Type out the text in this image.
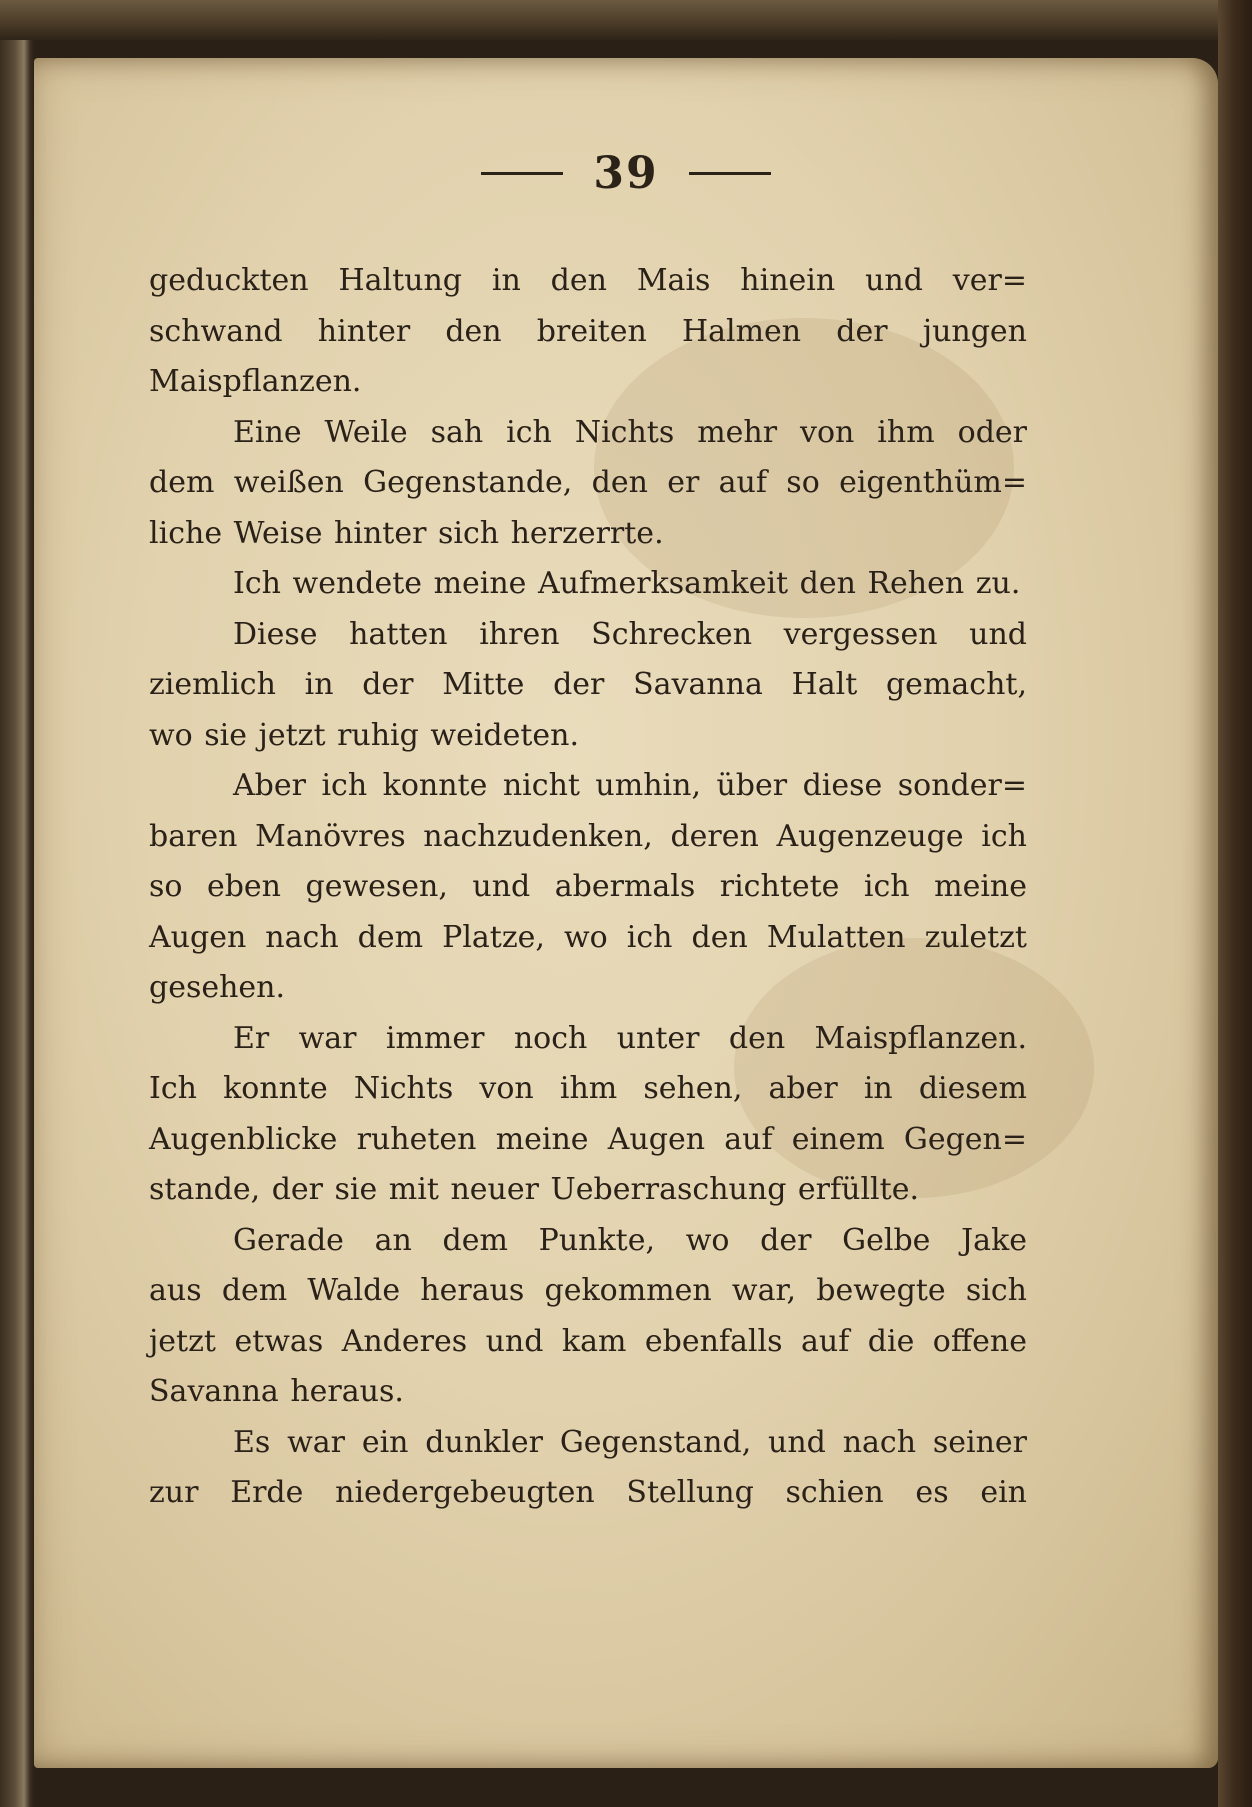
39
geduckten Haltung in den Mais hinein und ver=
schwand hinter den breiten Halmen der jungen
Maispflanzen.
Eine Weile sah ich Nichts mehr von ihm oder
dem weißen Gegenstande, den er auf so eigenthüm=
liche Weise hinter sich herzerrte.
Ich wendete meine Aufmerksamkeit den Rehen zu.
Diese hatten ihren Schrecken vergessen und
ziemlich in der Mitte der Savanna Halt gemacht,
wo sie jetzt ruhig weideten.
Aber ich konnte nicht umhin, über diese sonder=
baren Manövres nachzudenken, deren Augenzeuge ich
so eben gewesen, und abermals richtete ich meine
Augen nach dem Platze, wo ich den Mulatten zuletzt
gesehen.
Er war immer noch unter den Maispflanzen.
Ich konnte Nichts von ihm sehen, aber in diesem
Augenblicke ruheten meine Augen auf einem Gegen=
stande, der sie mit neuer Ueberraschung erfüllte.
Gerade an dem Punkte, wo der Gelbe Jake
aus dem Walde heraus gekommen war, bewegte sich
jetzt etwas Anderes und kam ebenfalls auf die offene
Savanna heraus.
Es war ein dunkler Gegenstand, und nach seiner
zur Erde niedergebeugten Stellung schien es ein
